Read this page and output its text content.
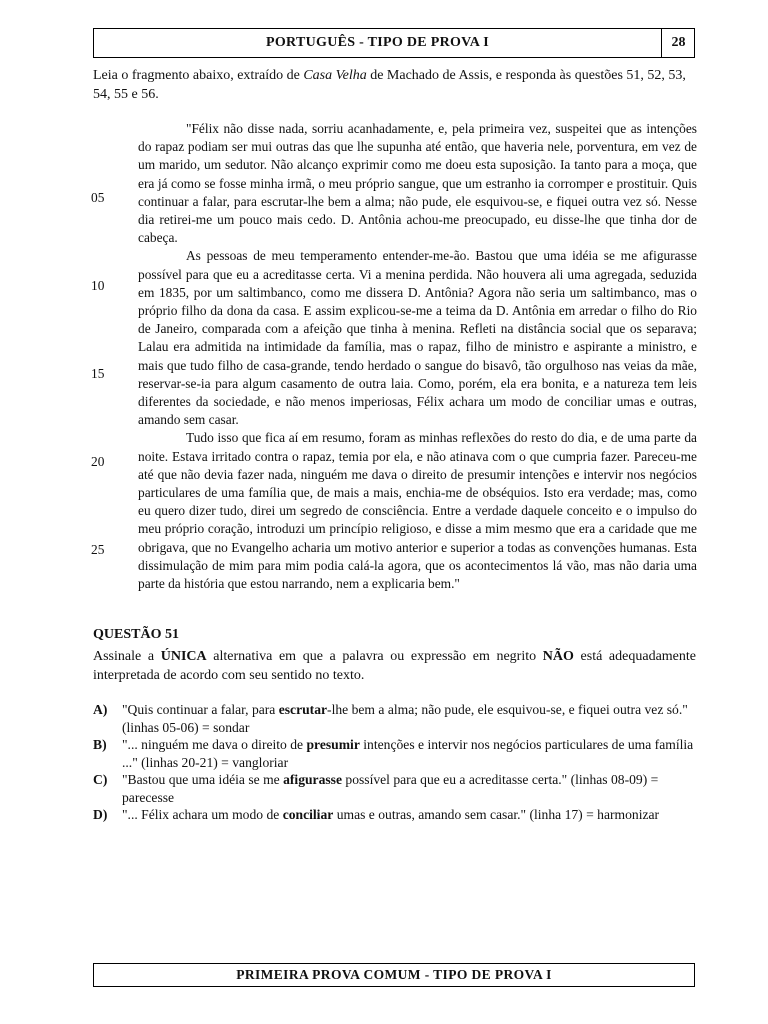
PORTUGUÊS - TIPO DE PROVA I	28
Leia o fragmento abaixo, extraído de Casa Velha de Machado de Assis, e responda às questões 51, 52, 53, 54, 55 e 56.

"Félix não disse nada, sorriu acanhadamente, e, pela primeira vez, suspeitei que as intenções do rapaz podiam ser mui outras das que lhe supunha até então, que haveria nele, porventura, em vez de um marido, um sedutor. Não alcanço exprimir como me doeu esta suposição. Ia tanto para a moça, que era já como se fosse minha irmã, o meu próprio sangue, que um estranho ia corromper e prostituir. Quis continuar a falar, para escrutar-lhe bem a alma; não pude, ele esquivou-se, e fiquei outra vez só. Nesse dia retirei-me um pouco mais cedo. D. Antônia achou-me preocupado, eu disse-lhe que tinha dor de cabeça.

As pessoas de meu temperamento entender-me-ão. Bastou que uma idéia se me afigurasse possível para que eu a acreditasse certa. Vi a menina perdida. Não houvera ali uma agregada, seduzida em 1835, por um saltimbanco, como me dissera D. Antônia? Agora não seria um saltimbanco, mas o próprio filho da dona da casa. E assim explicou-se-me a teima da D. Antônia em arredar o filho do Rio de Janeiro, comparada com a afeição que tinha à menina. Refleti na distância social que os separava; Lalau era admitida na intimidade da família, mas o rapaz, filho de ministro e aspirante a ministro, e mais que tudo filho de casa-grande, tendo herdado o sangue do bisavô, tão orgulhoso nas veias da mãe, reservar-se-ia para algum casamento de outra laia. Como, porém, ela era bonita, e a natureza tem leis diferentes da sociedade, e não menos imperiosas, Félix achara um modo de conciliar umas e outras, amando sem casar.

Tudo isso que fica aí em resumo, foram as minhas reflexões do resto do dia, e de uma parte da noite. Estava irritado contra o rapaz, temia por ela, e não atinava com o que cumpria fazer. Pareceu-me até que não devia fazer nada, ninguém me dava o direito de presumir intenções e intervir nos negócios particulares de uma família que, de mais a mais, enchia-me de obséquios. Isto era verdade; mas, como eu quero dizer tudo, direi um segredo de consciência. Entre a verdade daquele conceito e o impulso do meu próprio coração, introduzi um princípio religioso, e disse a mim mesmo que era a caridade que me obrigava, que no Evangelho acharia um motivo anterior e superior a todas as convenções humanas. Esta dissimulação de mim para mim podia calá-la agora, que os acontecimentos lá vão, mas não daria uma parte da história que estou narrando, nem a explicaria bem."

05
10
15
20
25
QUESTÃO 51
Assinale a ÚNICA alternativa em que a palavra ou expressão em negrito NÃO está adequadamente interpretada de acordo com seu sentido no texto.
A) "Quis continuar a falar, para escrutar-lhe bem a alma; não pude, ele esquivou-se, e fiquei outra vez só." (linhas 05-06) = sondar
B) "... ninguém me dava o direito de presumir intenções e intervir nos negócios particulares de uma família ..." (linhas 20-21) = vangloriar
C) "Bastou que uma idéia se me afigurasse possível para que eu a acreditasse certa." (linhas 08-09) = parecesse
D) "... Félix achara um modo de conciliar umas e outras, amando sem casar." (linha 17) = harmonizar
PRIMEIRA PROVA COMUM - TIPO DE PROVA I
